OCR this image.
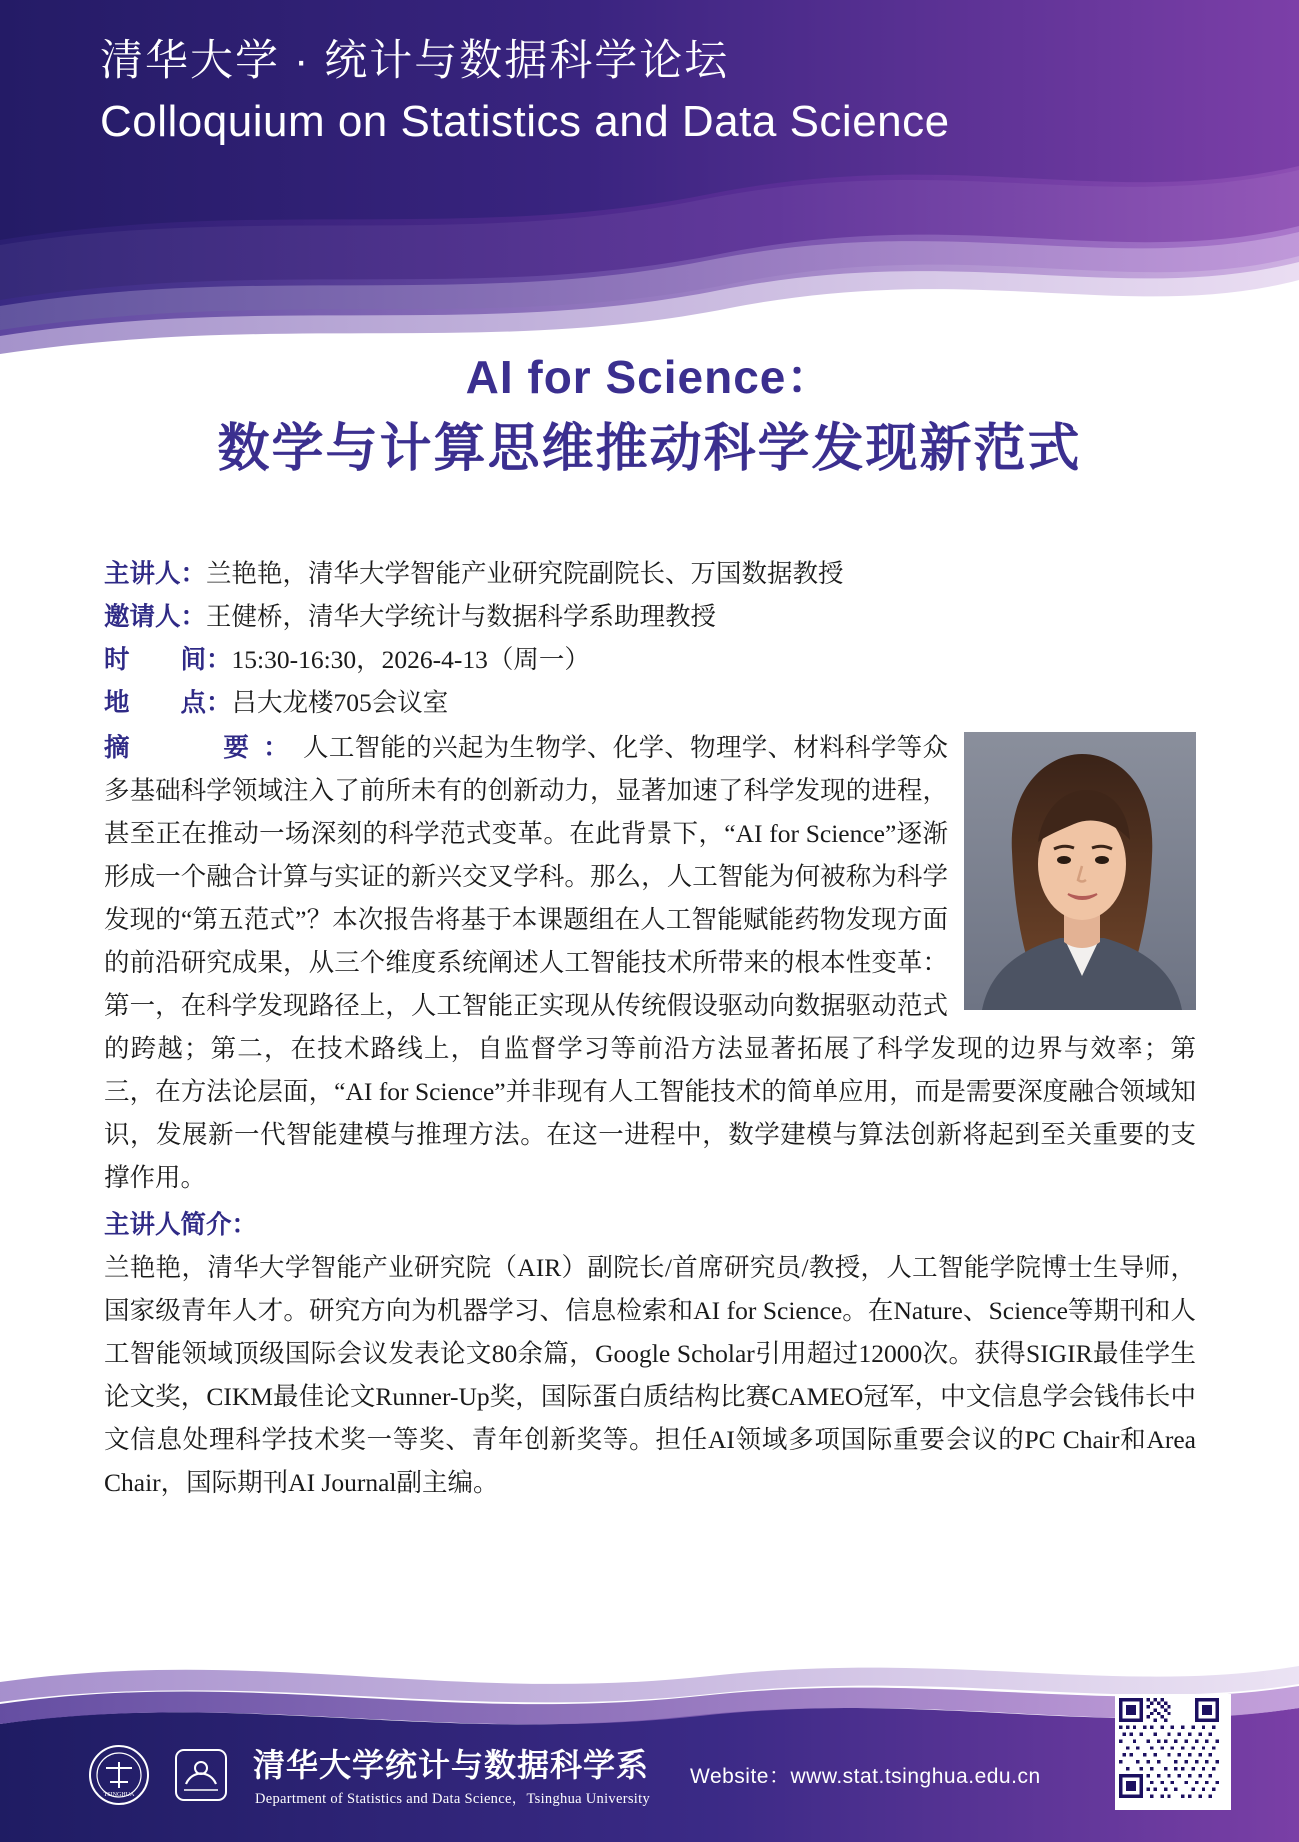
清华大学 · 统计与数据科学论坛
Colloquium on Statistics and Data Science
AI for Science：
数学与计算思维推动科学发现新范式
主讲人：兰艳艳，清华大学智能产业研究院副院长、万国数据教授
邀请人：王健桥，清华大学统计与数据科学系助理教授
时　　间：15:30-16:30，2026-4-13（周一）
地　　点：吕大龙楼705会议室
摘　　要：人工智能的兴起为生物学、化学、物理学、材料科学等众多基础科学领域注入了前所未有的创新动力，显著加速了科学发现的进程，甚至正在推动一场深刻的科学范式变革。在此背景下，“AI for Science”逐渐形成一个融合计算与实证的新兴交叉学科。那么，人工智能为何被称为科学发现的“第五范式”？本次报告将基于本课题组在人工智能赋能药物发现方面的前沿研究成果，从三个维度系统阐述人工智能技术所带来的根本性变革：第一，在科学发现路径上，人工智能正实现从传统假设驱动向数据驱动范式的跨越；第二，在技术路线上，自监督学习等前沿方法显著拓展了科学发现的边界与效率；第三，在方法论层面，“AI for Science”并非现有人工智能技术的简单应用，而是需要深度融合领域知识，发展新一代智能建模与推理方法。在这一进程中，数学建模与算法创新将起到至关重要的支撑作用。
主讲人简介：
兰艳艳，清华大学智能产业研究院（AIR）副院长/首席研究员/教授，人工智能学院博士生导师，国家级青年人才。研究方向为机器学习、信息检索和AI for Science。在Nature、Science等期刊和人工智能领域顶级国际会议发表论文80余篇，Google Scholar引用超过12000次。获得SIGIR最佳学生论文奖，CIKM最佳论文Runner-Up奖，国际蛋白质结构比赛CAMEO冠军，中文信息学会钱伟长中文信息处理科学技术奖一等奖、青年创新奖等。担任AI领域多项国际重要会议的PC Chair和Area Chair，国际期刊AI Journal副主编。
TSINGHUA
清华大学统计与数据科学系
Department of Statistics and Data Science，Tsinghua University
Website：www.stat.tsinghua.edu.cn
